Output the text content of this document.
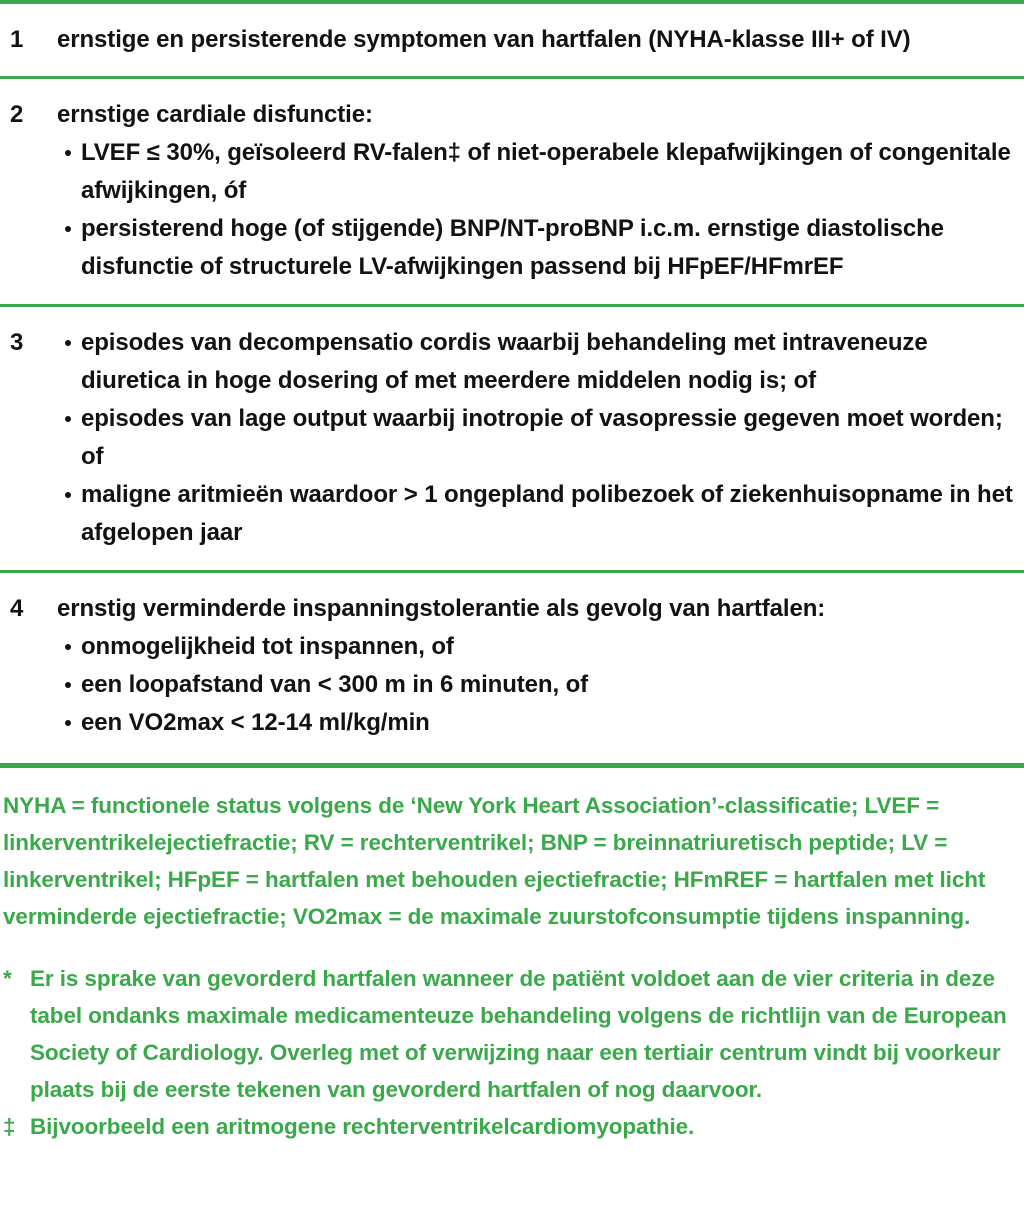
1	ernstige en persisterende symptomen van hartfalen (NYHA-klasse III+ of IV)
2	ernstige cardiale disfunctie:
LVEF ≤ 30%, geïsoleerd RV-falen‡ of niet-operabele klepafwijkingen of congenitale afwijkingen, óf
persisterend hoge (of stijgende) BNP/NT-proBNP i.c.m. ernstige diastolische disfunctie of structurele LV-afwijkingen passend bij HFpEF/HFmrEF
3	episodes van decompensatio cordis waarbij behandeling met intraveneuze diuretica in hoge dosering of met meerdere middelen nodig is; of
episodes van lage output waarbij inotropie of vasopressie gegeven moet worden; of
maligne aritmieën waardoor > 1 ongepland polibezoek of ziekenhuisopname in het afgelopen jaar
4	ernstig verminderde inspanningstolerantie als gevolg van hartfalen:
onmogelijkheid tot inspannen, of
een loopafstand van < 300 m in 6 minuten, of
een VO2max < 12-14 ml/kg/min

NYHA = functionele status volgens de ‘New York Heart Association’-classificatie; LVEF = linkerventrikelejectiefractie; RV = rechterventrikel; BNP = breinnatriuretisch peptide; LV = linkerventrikel; HFpEF = hartfalen met behouden ejectiefractie; HFmREF = hartfalen met licht verminderde ejectiefractie; VO2max = de maximale zuurstofconsumptie tijdens inspanning.

* Er is sprake van gevorderd hartfalen wanneer de patiënt voldoet aan de vier criteria in deze tabel ondanks maximale medicamenteuze behandeling volgens de richtlijn van de European Society of Cardiology. Overleg met of verwijzing naar een tertiair centrum vindt bij voorkeur plaats bij de eerste tekenen van gevorderd hartfalen of nog daarvoor.
‡ Bijvoorbeeld een aritmogene rechterventrikelcardiomyopathie.
